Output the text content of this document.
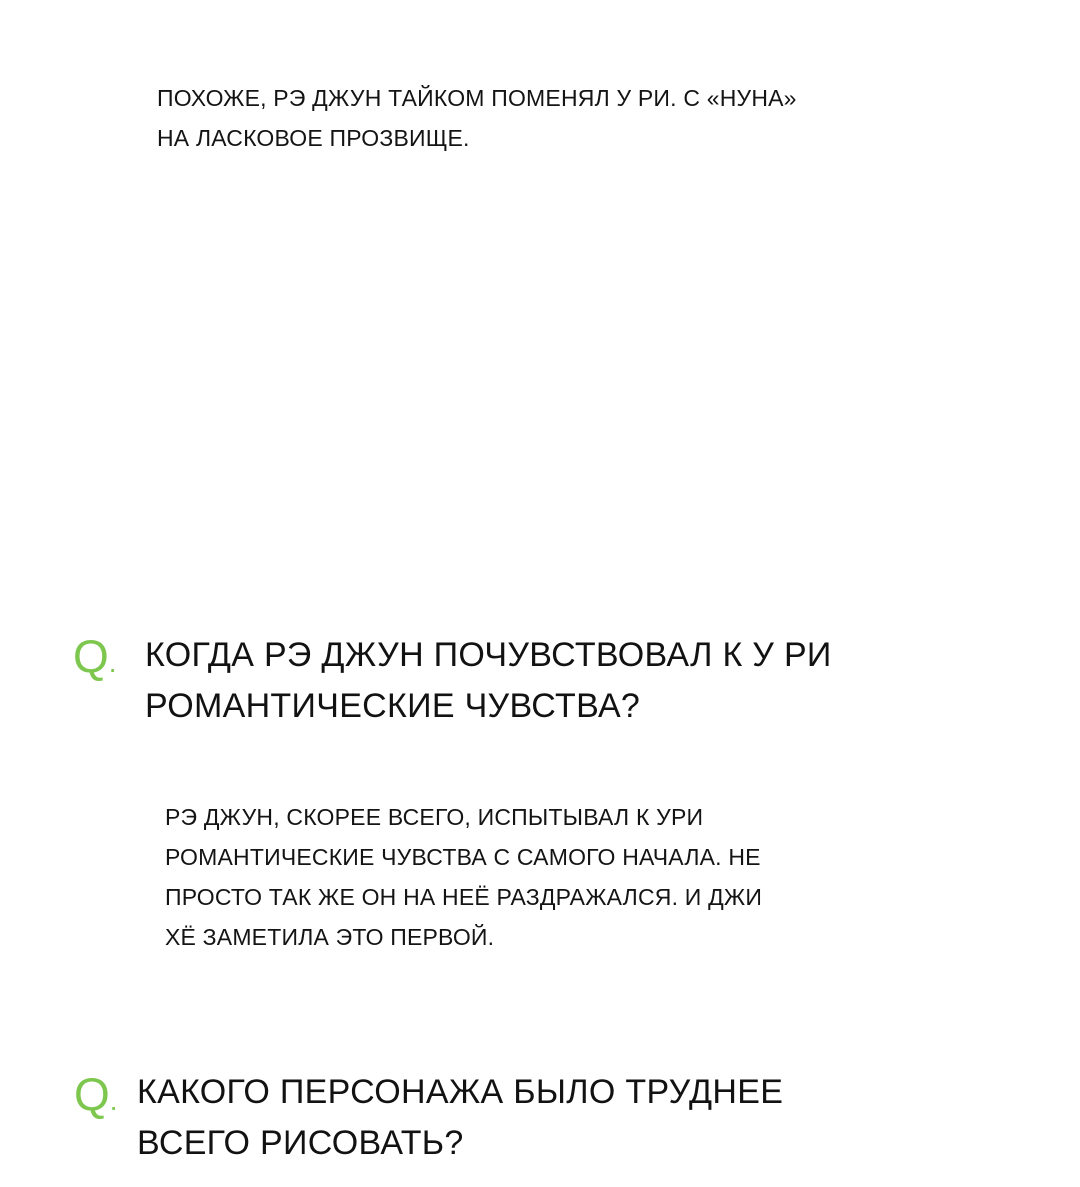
ПОХОЖЕ, РЭ ДЖУН ТАЙКОМ ПОМЕНЯЛ У РИ. С «НУНА»
НА ЛАСКОВОЕ ПРОЗВИЩЕ.
Q. КОГДА РЭ ДЖУН ПОЧУВСТВОВАЛ К У РИ
РОМАНТИЧЕСКИЕ ЧУВСТВА?
РЭ ДЖУН, СКОРЕЕ ВСЕГО, ИСПЫТЫВАЛ К УРИ
РОМАНТИЧЕСКИЕ ЧУВСТВА С САМОГО НАЧАЛА. НЕ
ПРОСТО ТАК ЖЕ ОН НА НЕЁ РАЗДРАЖАЛСЯ. И ДЖИ
ХЁ ЗАМЕТИЛА ЭТО ПЕРВОЙ.
Q. КАКОГО ПЕРСОНАЖА БЫЛО ТРУДНЕЕ
ВСЕГО РИСОВАТЬ?
